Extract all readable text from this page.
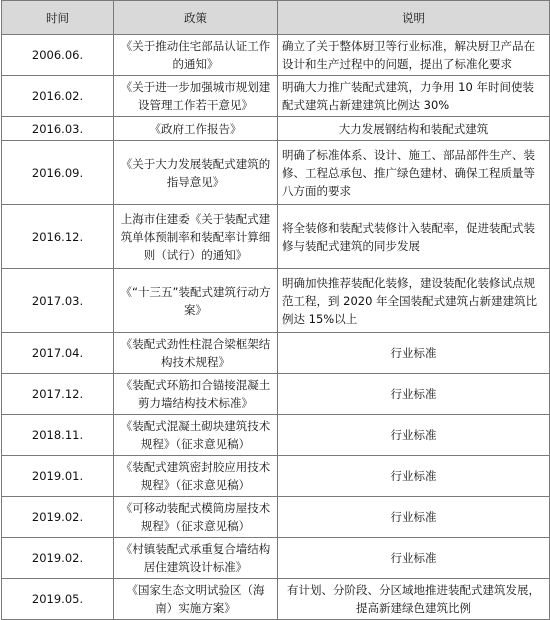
时间	政策	说明
2006.06.	《关于推动住宅部品认证工作的通知》	确立了关于整体厨卫等行业标准，解决厨卫产品在设计和生产过程中的问题，提出了标准化要求
2016.02.	《关于进一步加强城市规划建设管理工作若干意见》	明确大力推广装配式建筑，力争用 10 年时间使装配式建筑占新建建筑比例达 30%
2016.03.	《政府工作报告》	大力发展钢结构和装配式建筑
2016.09.	《关于大力发展装配式建筑的指导意见》	明确了标准体系、设计、施工、部品部件生产、装修、工程总承包、推广绿色建材、确保工程质量等八方面的要求
2016.12.	上海市住建委《关于装配式建筑单体预制率和装配率计算细则（试行）的通知》	将全装修和装配式装修计入装配率，促进装配式装修与装配式建筑的同步发展
2017.03.	《“十三五”装配式建筑行动方案》	明确加快推荐装配化装修，建设装配化装修试点规范工程，到 2020 年全国装配式建筑占新建建筑比例达 15%以上
2017.04.	《装配式劲性柱混合梁框架结构技术规程》	行业标准
2017.12.	《装配式环筋扣合锚接混凝土剪力墙结构技术标准》	行业标准
2018.11.	《装配式混凝土砌块建筑技术规程》（征求意见稿）	行业标准
2019.01.	《装配式建筑密封胶应用技术规程》（征求意见稿）	行业标准
2019.02.	《可移动装配式模筒房屋技术规程》（征求意见稿）	行业标准
2019.02.	《村镇装配式承重复合墙结构居住建筑设计标准》	行业标准
2019.05.	《国家生态文明试验区（海南）实施方案》	有计划、分阶段、分区域地推进装配式建筑发展，提高新建绿色建筑比例
